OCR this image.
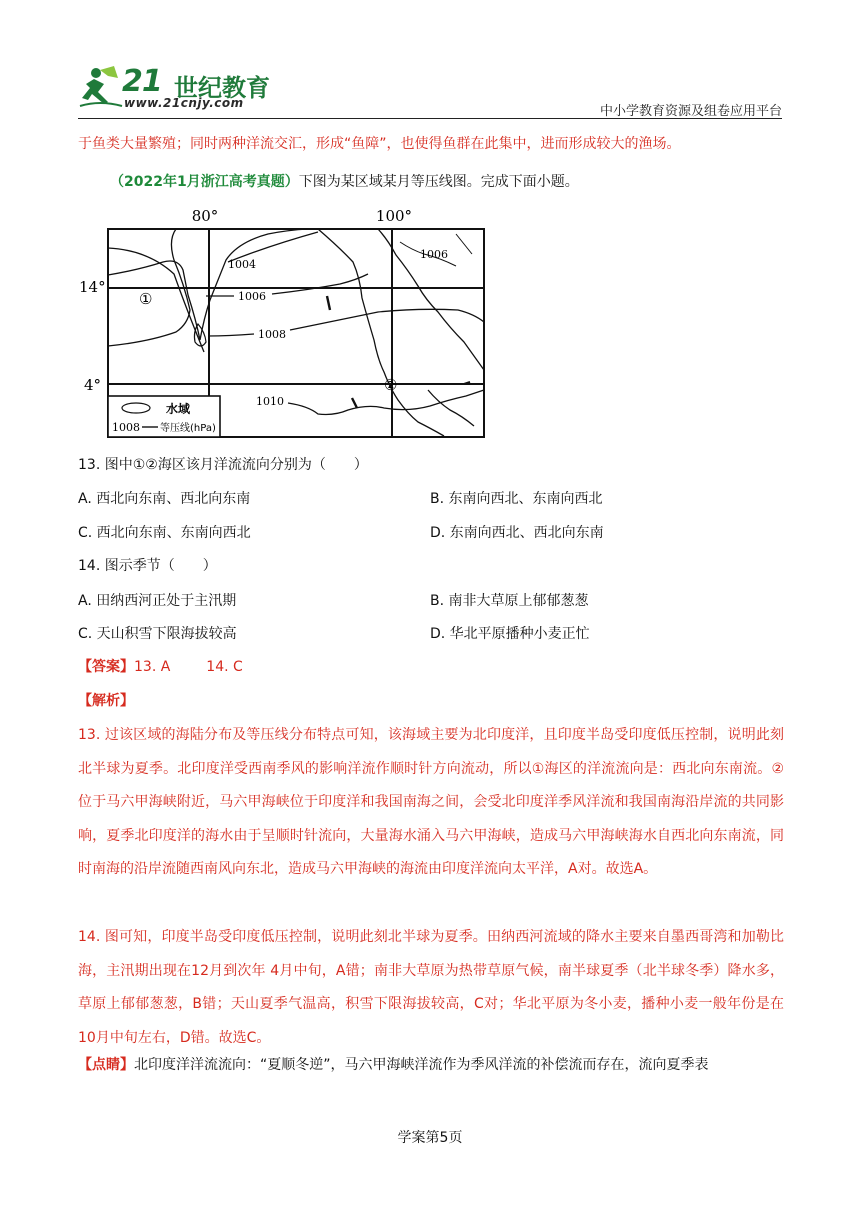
21 世纪教育
www.21cnjy.com
中小学教育资源及组卷应用平台
于鱼类大量繁殖；同时两种洋流交汇，形成“鱼障”，也使得鱼群在此集中，进而形成较大的渔场。
（2022年1月浙江高考真题）下图为某区域某月等压线图。完成下面小题。
80°	100°
14°
4°
1004
1006
1008
1010
1006
①
②
水域
1008 等压线(hPa)
13. 图中①②海区该月洋流流向分别为（　　）
A. 西北向东南、西北向东南	B. 东南向西北、东南向西北
C. 西北向东南、东南向西北	D. 东南向西北、西北向东南
14. 图示季节（　　）
A. 田纳西河正处于主汛期	B. 南非大草原上郁郁葱葱
C. 天山积雪下限海拔较高	D. 华北平原播种小麦正忙
【答案】13. A	14. C
【解析】
13. 过该区域的海陆分布及等压线分布特点可知，该海域主要为北印度洋，且印度半岛受印度低压控制，说明此刻北半球为夏季。北印度洋受西南季风的影响洋流作顺时针方向流动，所以①海区的洋流流向是：西北向东南流。②位于马六甲海峡附近，马六甲海峡位于印度洋和我国南海之间，会受北印度洋季风洋流和我国南海沿岸流的共同影响，夏季北印度洋的海水由于呈顺时针流向，大量海水涌入马六甲海峡，造成马六甲海峡海水自西北向东南流，同时南海的沿岸流随西南风向东北，造成马六甲海峡的海流由印度洋流向太平洋，A对。故选A。
14. 图可知，印度半岛受印度低压控制，说明此刻北半球为夏季。田纳西河流域的降水主要来自墨西哥湾和加勒比海，主汛期出现在12月到次年 4月中旬，A错；南非大草原为热带草原气候，南半球夏季（北半球冬季）降水多，草原上郁郁葱葱，B错；天山夏季气温高，积雪下限海拔较高，C对；华北平原为冬小麦，播种小麦一般年份是在10月中旬左右，D错。故选C。
【点睛】北印度洋洋流流向：“夏顺冬逆”，马六甲海峡洋流作为季风洋流的补偿流而存在，流向夏季表
学案第5页
